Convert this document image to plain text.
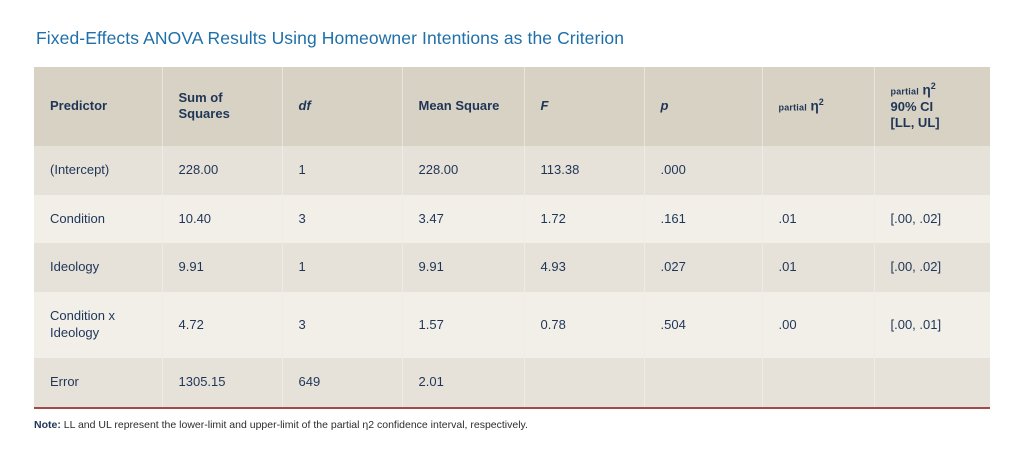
Fixed-Effects ANOVA Results Using Homeowner Intentions as the Criterion
Predictor	Sum of Squares	df	Mean Square	F	p	partial $\eta^2$	partial $\eta^2$
90% CI
[LL, UL]

(Intercept)	228.00	1	228.00	113.38	.000		
Condition	10.40	3	3.47	1.72	.161	.01	[.00, .02]
Ideology	9.91	1	9.91	4.93	.027	.01	[.00, .02]
Condition x Ideology	4.72	3	1.57	0.78	.504	.00	[.00, .01]
Error	1305.15	649	2.01				
Note: LL and UL represent the lower-limit and upper-limit of the partial η2 confidence interval, respectively.
